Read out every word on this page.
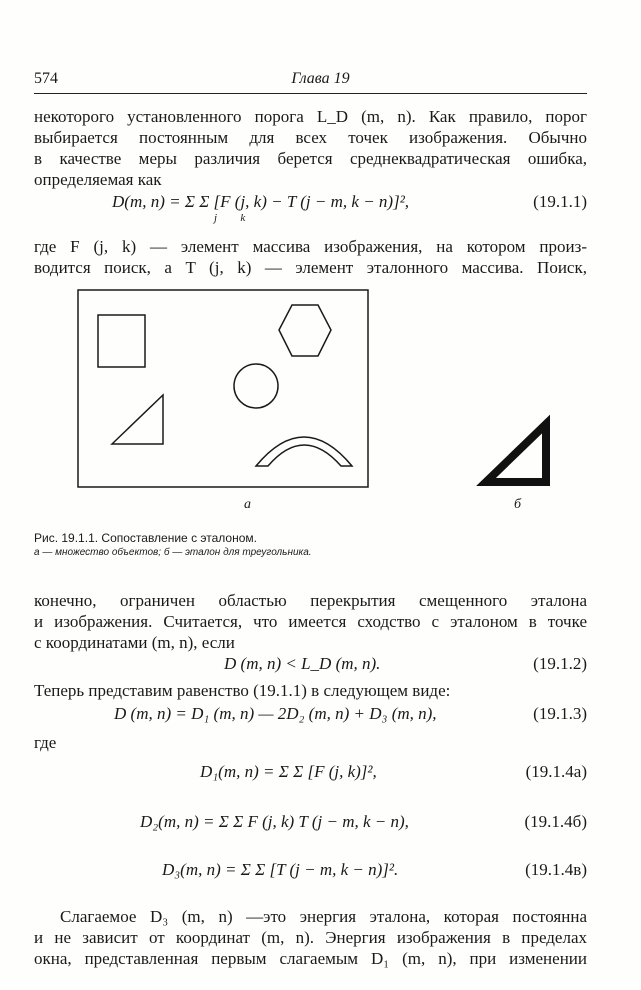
574	Глава 19
некоторого установленного порога L_D (m, n). Как правило, порог
выбирается постоянным для всех точек изображения. Обычно
в качестве меры различия берется среднеквадратическая ошибка,
определяемая как
D(m, n) = Σ Σ [F (j, k) − T (j − m, k − n)]²,
$_j$ $_k$
(19.1.1)
где F (j, k) — элемент массива изображения, на котором произ-
водится поиск, а T (j, k) — элемент эталонного массива. Поиск,
а	б
Рис. 19.1.1. Сопоставление с эталоном.
а — множество объектов; б — эталон для треугольника.
конечно, ограничен областью перекрытия смещенного эталона
и изображения. Считается, что имеется сходство с эталоном в точке
с координатами (m, n), если
D (m, n) < L_D (m, n).	(19.1.2)
Теперь представим равенство (19.1.1) в следующем виде:
D (m, n) = D₁ (m, n) — 2D₂ (m, n) + D₃ (m, n),	(19.1.3)
где
D₁(m, n) = Σ Σ [F (j, k)]²,	(19.1.4а)
D₂(m, n) = Σ Σ F (j, k) T (j − m, k − n),	(19.1.4б)
D₃(m, n) = Σ Σ [T (j − m, k − n)]².	(19.1.4в)
Слагаемое D₃ (m, n) —это энергия эталона, которая постоянна
и не зависит от координат (m, n). Энергия изображения в пределах
окна, представленная первым слагаемым D₁ (m, n), при изменении
